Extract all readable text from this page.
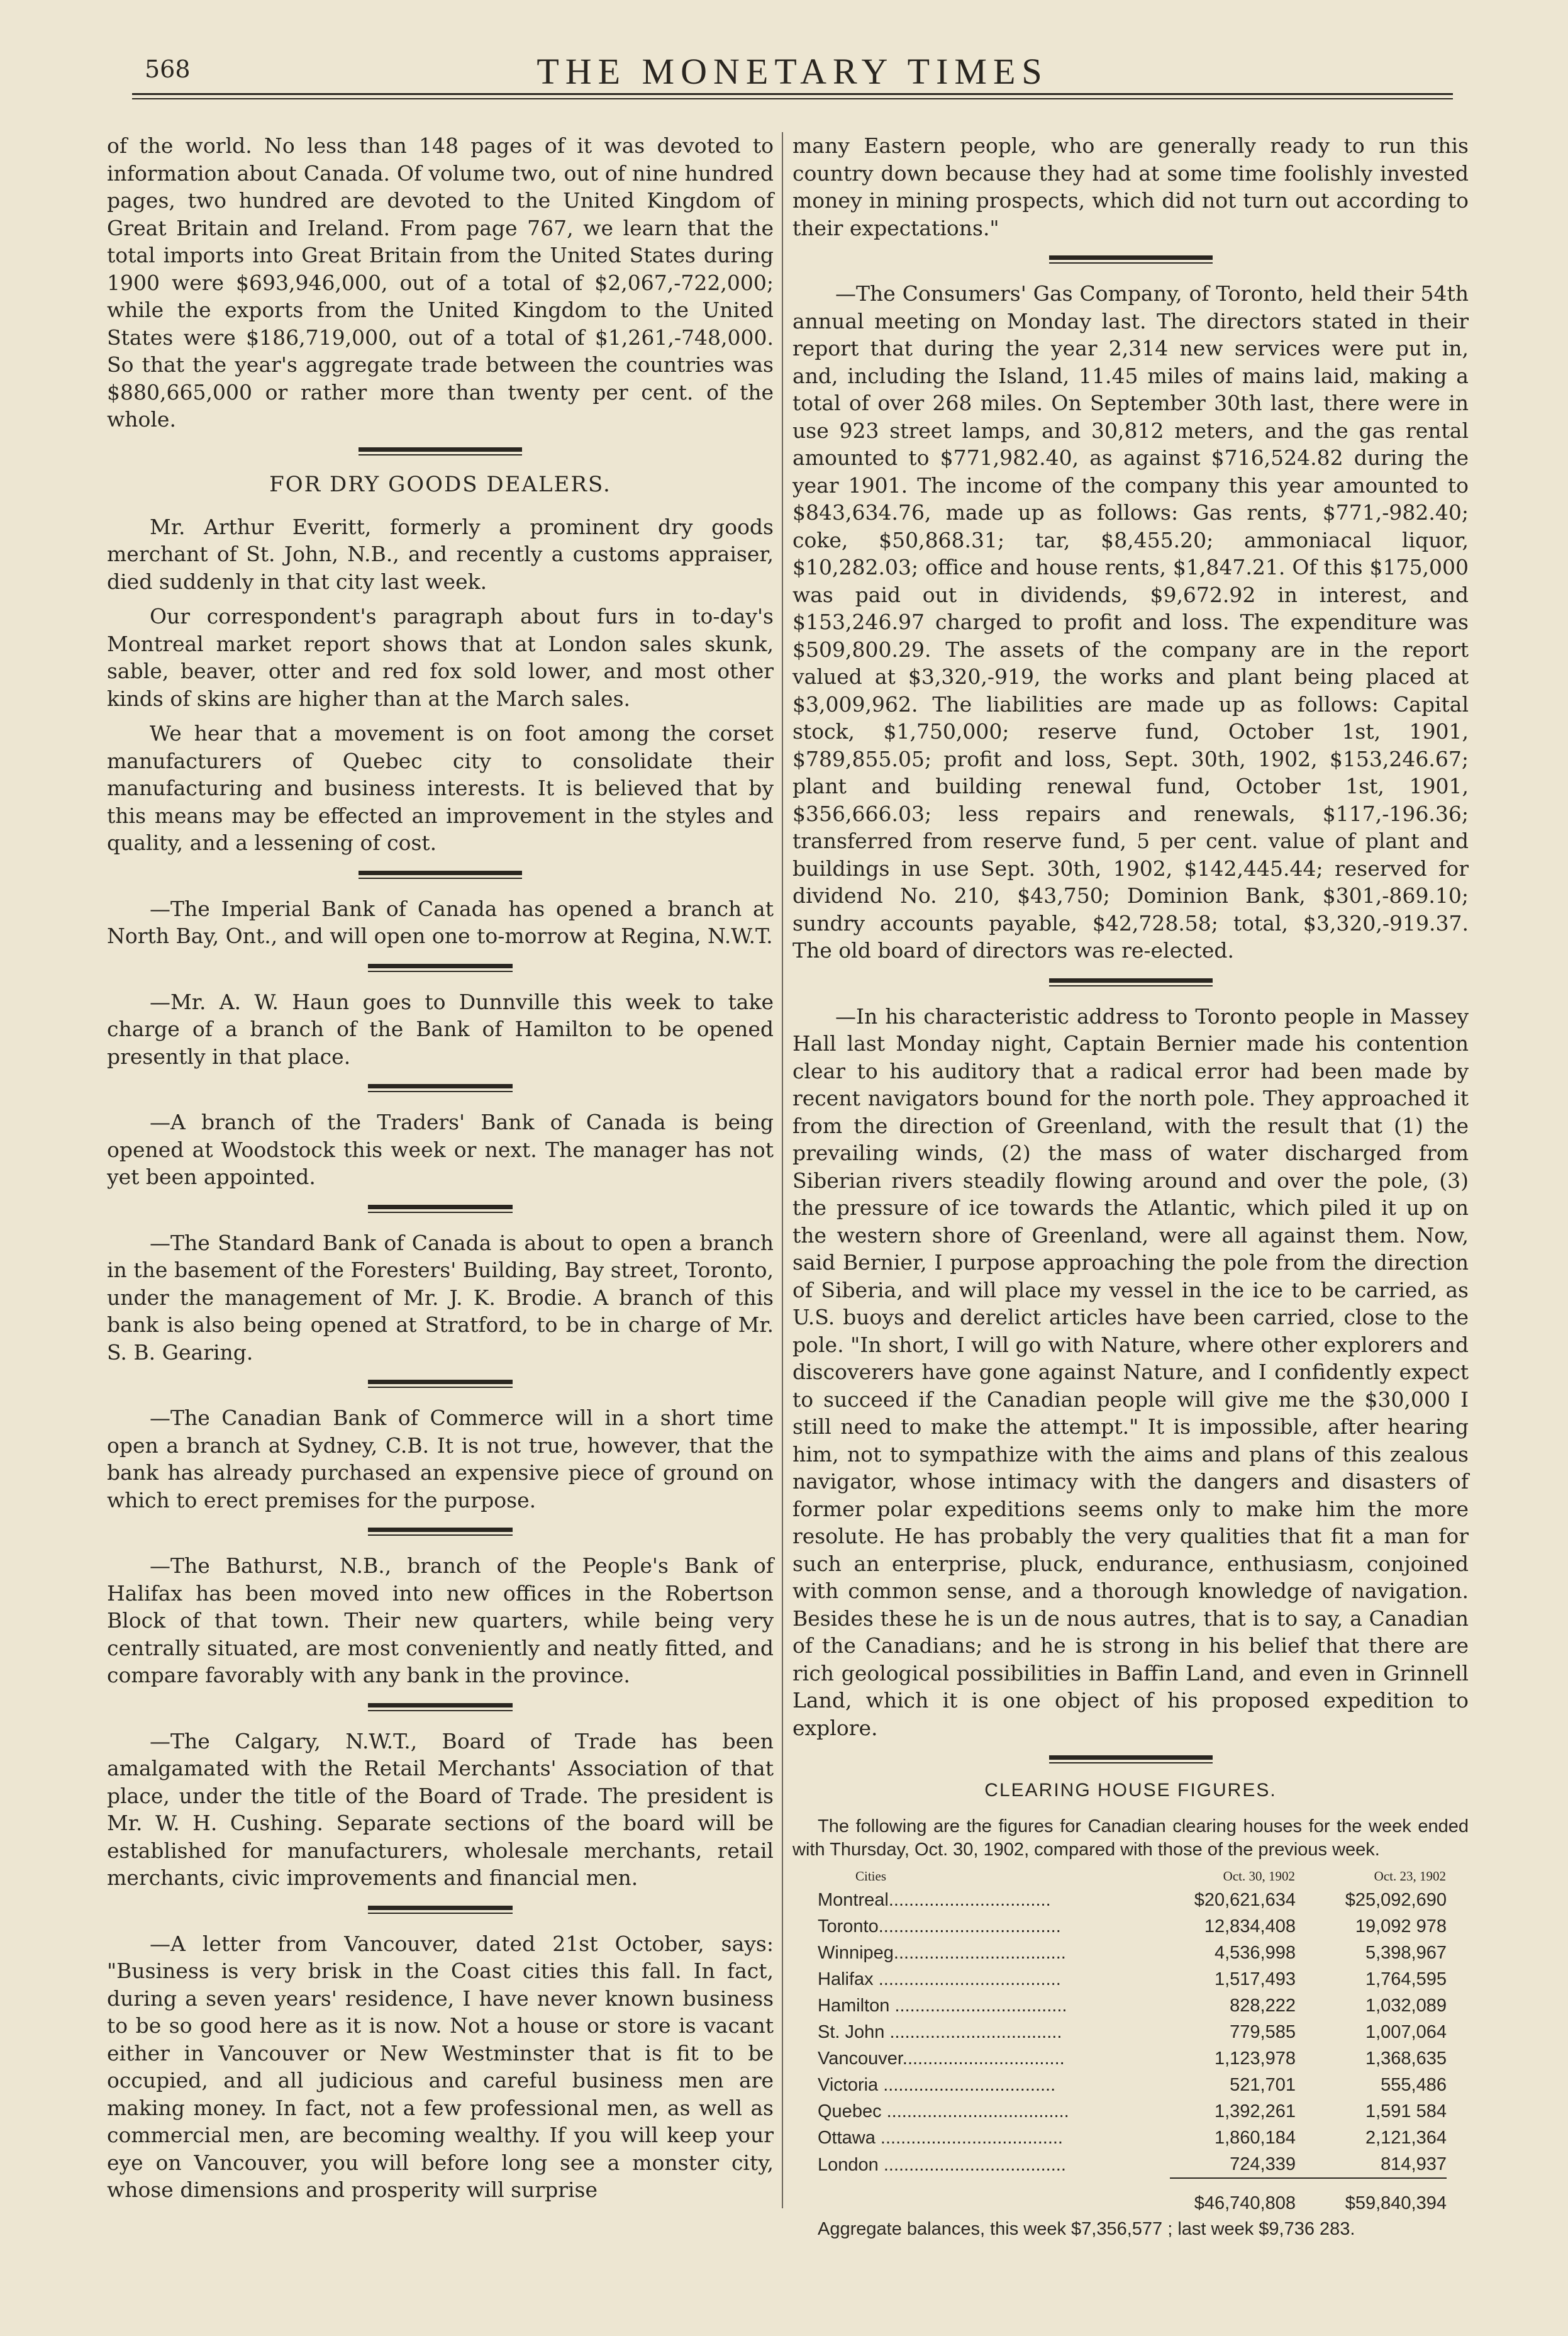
568	THE MONETARY TIMES

of the world. No less than 148 pages of it was devoted to information about Canada. Of volume two, out of nine hundred pages, two hundred are devoted to the United Kingdom of Great Britain and Ireland. From page 767, we learn that the total imports into Great Britain from the United States during 1900 were $693,946,000, out of a total of $2,067,-722,000; while the exports from the United Kingdom to the United States were $186,719,000, out of a total of $1,261,-748,000. So that the year's aggregate trade between the countries was $880,665,000 or rather more than twenty per cent. of the whole.

FOR DRY GOODS DEALERS.

Mr. Arthur Everitt, formerly a prominent dry goods merchant of St. John, N.B., and recently a customs appraiser, died suddenly in that city last week.

Our correspondent's paragraph about furs in to-day's Montreal market report shows that at London sales skunk, sable, beaver, otter and red fox sold lower, and most other kinds of skins are higher than at the March sales.

We hear that a movement is on foot among the corset manufacturers of Quebec city to consolidate their manufacturing and business interests. It is believed that by this means may be effected an improvement in the styles and quality, and a lessening of cost.

—The Imperial Bank of Canada has opened a branch at North Bay, Ont., and will open one to-morrow at Regina, N.W.T.

—Mr. A. W. Haun goes to Dunnville this week to take charge of a branch of the Bank of Hamilton to be opened presently in that place.

—A branch of the Traders' Bank of Canada is being opened at Woodstock this week or next. The manager has not yet been appointed.

—The Standard Bank of Canada is about to open a branch in the basement of the Foresters' Building, Bay street, Toronto, under the management of Mr. J. K. Brodie. A branch of this bank is also being opened at Stratford, to be in charge of Mr. S. B. Gearing.

—The Canadian Bank of Commerce will in a short time open a branch at Sydney, C.B. It is not true, however, that the bank has already purchased an expensive piece of ground on which to erect premises for the purpose.

—The Bathurst, N.B., branch of the People's Bank of Halifax has been moved into new offices in the Robertson Block of that town. Their new quarters, while being very centrally situated, are most conveniently and neatly fitted, and compare favorably with any bank in the province.

—The Calgary, N.W.T., Board of Trade has been amalgamated with the Retail Merchants' Association of that place, under the title of the Board of Trade. The president is Mr. W. H. Cushing. Separate sections of the board will be established for manufacturers, wholesale merchants, retail merchants, civic improvements and financial men.

—A letter from Vancouver, dated 21st October, says: "Business is very brisk in the Coast cities this fall. In fact, during a seven years' residence, I have never known business to be so good here as it is now. Not a house or store is vacant either in Vancouver or New Westminster that is fit to be occupied, and all judicious and careful business men are making money. In fact, not a few professional men, as well as commercial men, are becoming wealthy. If you will keep your eye on Vancouver, you will before long see a monster city, whose dimensions and prosperity will surprise

many Eastern people, who are generally ready to run this country down because they had at some time foolishly invested money in mining prospects, which did not turn out according to their expectations."

—The Consumers' Gas Company, of Toronto, held their 54th annual meeting on Monday last. The directors stated in their report that during the year 2,314 new services were put in, and, including the Island, 11.45 miles of mains laid, making a total of over 268 miles. On September 30th last, there were in use 923 street lamps, and 30,812 meters, and the gas rental amounted to $771,982.40, as against $716,524.82 during the year 1901. The income of the company this year amounted to $843,634.76, made up as follows: Gas rents, $771,-982.40; coke, $50,868.31; tar, $8,455.20; ammoniacal liquor, $10,282.03; office and house rents, $1,847.21. Of this $175,000 was paid out in dividends, $9,672.92 in interest, and $153,246.97 charged to profit and loss. The expenditure was $509,800.29. The assets of the company are in the report valued at $3,320,-919, the works and plant being placed at $3,009,962. The liabilities are made up as follows: Capital stock, $1,750,000; reserve fund, October 1st, 1901, $789,855.05; profit and loss, Sept. 30th, 1902, $153,246.67; plant and building renewal fund, October 1st, 1901, $356,666.03; less repairs and renewals, $117,-196.36; transferred from reserve fund, 5 per cent. value of plant and buildings in use Sept. 30th, 1902, $142,445.44; reserved for dividend No. 210, $43,750; Dominion Bank, $301,-869.10; sundry accounts payable, $42,728.58; total, $3,320,-919.37. The old board of directors was re-elected.

—In his characteristic address to Toronto people in Massey Hall last Monday night, Captain Bernier made his contention clear to his auditory that a radical error had been made by recent navigators bound for the north pole. They approached it from the direction of Greenland, with the result that (1) the prevailing winds, (2) the mass of water discharged from Siberian rivers steadily flowing around and over the pole, (3) the pressure of ice towards the Atlantic, which piled it up on the western shore of Greenland, were all against them. Now, said Bernier, I purpose approaching the pole from the direction of Siberia, and will place my vessel in the ice to be carried, as U.S. buoys and derelict articles have been carried, close to the pole. "In short, I will go with Nature, where other explorers and discoverers have gone against Nature, and I confidently expect to succeed if the Canadian people will give me the $30,000 I still need to make the attempt." It is impossible, after hearing him, not to sympathize with the aims and plans of this zealous navigator, whose intimacy with the dangers and disasters of former polar expeditions seems only to make him the more resolute. He has probably the very qualities that fit a man for such an enterprise, pluck, endurance, enthusiasm, conjoined with common sense, and a thorough knowledge of navigation. Besides these he is un de nous autres, that is to say, a Canadian of the Canadians; and he is strong in his belief that there are rich geological possibilities in Baffin Land, and even in Grinnell Land, which it is one object of his proposed expedition to explore.

CLEARING HOUSE FIGURES.

The following are the figures for Canadian clearing houses for the week ended with Thursday, Oct. 30, 1902, compared with those of the previous week.

Cities	Oct. 30, 1902	Oct. 23, 1902
Montreal................................	$20,621,634	$25,092,690
Toronto....................................	12,834,408	19,092 978
Winnipeg..................................	4,536,998	5,398,967
Halifax ....................................	1,517,493	1,764,595
Hamilton ..................................	828,222	1,032,089
St. John ..................................	779,585	1,007,064
Vancouver................................	1,123,978	1,368,635
Victoria ..................................	521,701	555,486
Quebec ....................................	1,392,261	1,591 584
Ottawa ....................................	1,860,184	2,121,364
London ....................................	724,339	814,937
	$46,740,808	$59,840,394
Aggregate balances, this week $7,356,577 ; last week $9,736 283.
